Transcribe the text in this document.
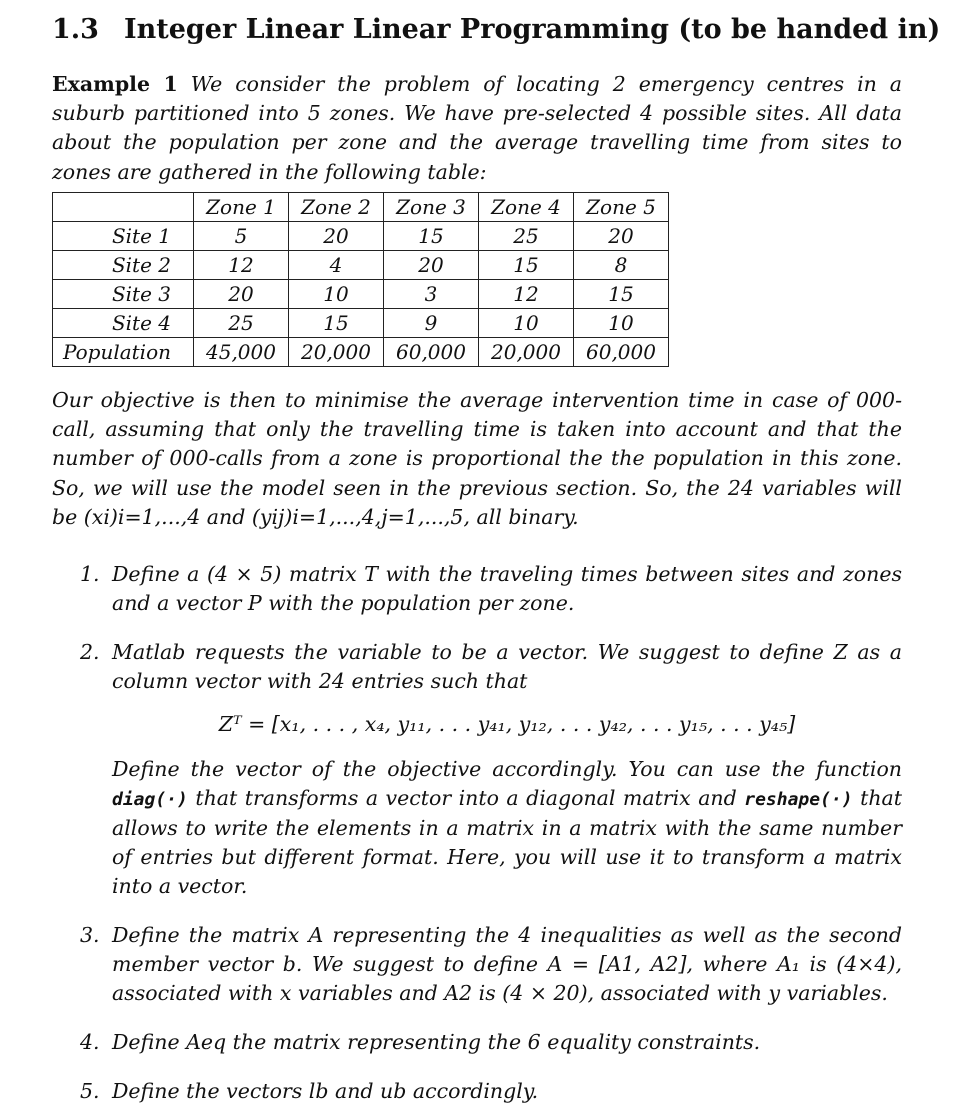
1.3 Integer Linear Linear Programming (to be handed in)
Example 1 We consider the problem of locating 2 emergency centres in a suburb partitioned into 5 zones. We have pre-selected 4 possible sites. All data about the population per zone and the average travelling time from sites to zones are gathered in the following table:
	Zone 1	Zone 2	Zone 3	Zone 4	Zone 5
Site 1	5	20	15	25	20
Site 2	12	4	20	15	8
Site 3	20	10	3	12	15
Site 4	25	15	9	10	10
Population	45,000	20,000	60,000	20,000	60,000
Our objective is then to minimise the average intervention time in case of 000-call, assuming that only the travelling time is taken into account and that the number of 000-calls from a zone is proportional the the population in this zone. So, we will use the model seen in the previous section. So, the 24 variables will be (xi)i=1,...,4 and (yij)i=1,...,4,j=1,...,5, all binary.
1. Define a (4 × 5) matrix T with the traveling times between sites and zones and a vector P with the population per zone.
2. Matlab requests the variable to be a vector. We suggest to define Z as a column vector with 24 entries such that
Zᵀ = [x₁, . . . , x₄, y₁₁, . . . y₄₁, y₁₂, . . . y₄₂, . . . y₁₅, . . . y₄₅]
Define the vector of the objective accordingly. You can use the function diag(·) that transforms a vector into a diagonal matrix and reshape(·) that allows to write the elements in a matrix in a matrix with the same number of entries but different format. Here, you will use it to transform a matrix into a vector.
3. Define the matrix A representing the 4 inequalities as well as the second member vector b. We suggest to define A = [A1, A2], where A₁ is (4×4), associated with x variables and A2 is (4 × 20), associated with y variables.
4. Define Aeq the matrix representing the 6 equality constraints.
5. Define the vectors lb and ub accordingly.
